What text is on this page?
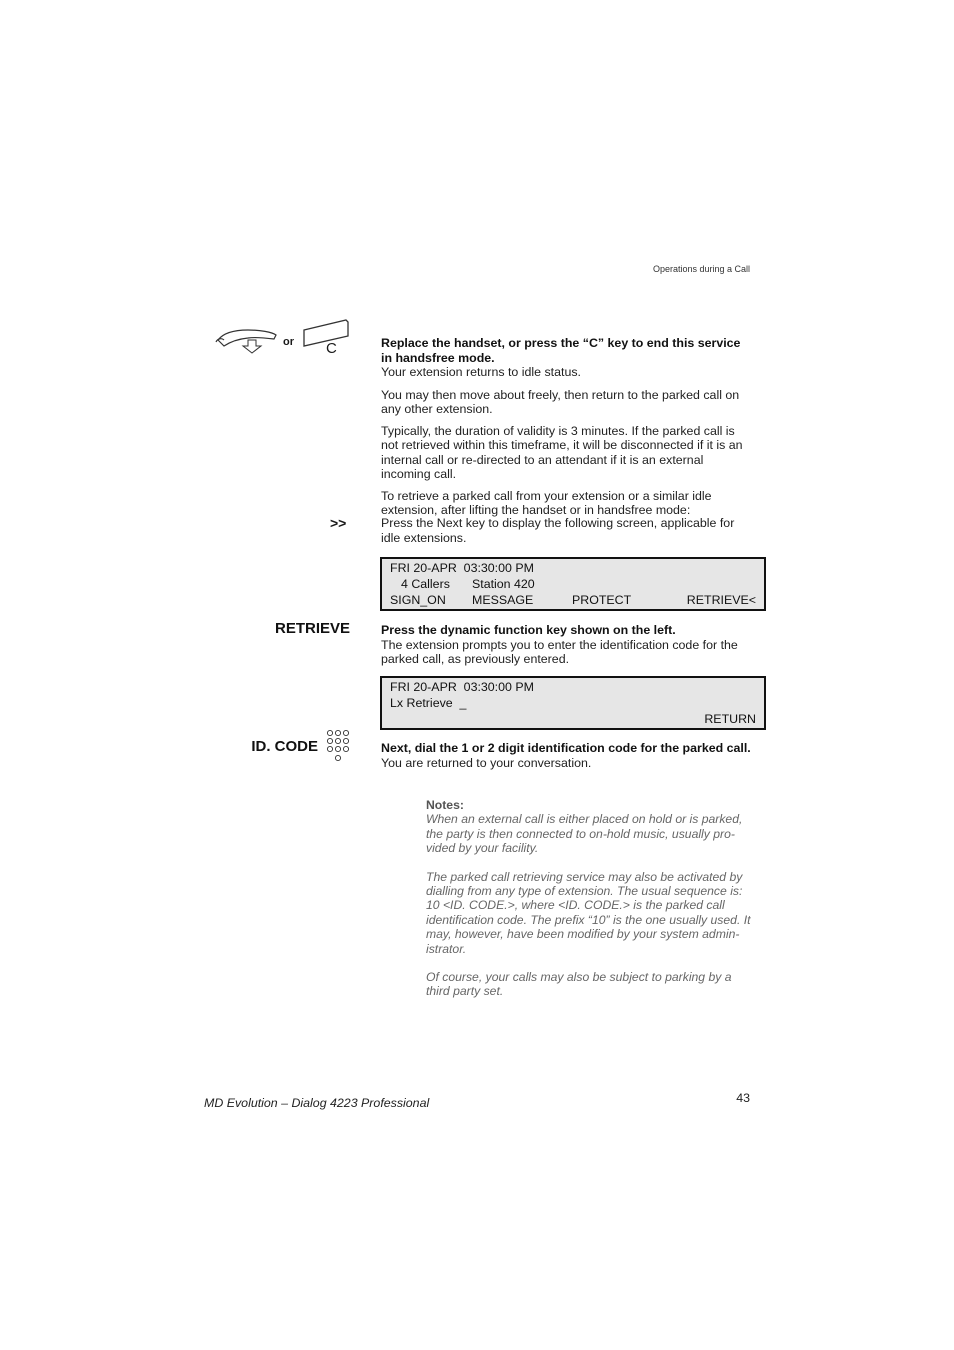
Operations during a Call
or C	Replace the handset, or press the “C” key to end this service in handsfree mode.
Your extension returns to idle status.
You may then move about freely, then return to the parked call on any other extension.
Typically, the duration of validity is 3 minutes. If the parked call is not retrieved within this timeframe, it will be disconnected if it is an internal call or re-directed to an attendant if it is an external incoming call.
To retrieve a parked call from your extension or a similar idle extension, after lifting the handset or in handsfree mode:
>>	Press the Next key to display the following screen, applicable for idle extensions.
FRI 20-APR  03:30:00 PM
4 Callers Station 420
SIGN_ON MESSAGE	PROTECT	RETRIEVE<
RETRIEVE	Press the dynamic function key shown on the left.
The extension prompts you to enter the identification code for the parked call, as previously entered.
FRI 20-APR  03:30:00 PM
Lx Retrieve  _
RETURN
ID. CODE	Next, dial the 1 or 2 digit identification code for the parked call.
You are returned to your conversation.
Notes:

When an external call is either placed on hold or is parked, the party is then connected to on-hold music, usually pro-vided by your facility.

The parked call retrieving service may also be activated by dialling from any type of extension. The usual sequence is: 10 <ID. CODE.>, where <ID. CODE.> is the parked call identification code. The prefix “10” is the one usually used. It may, however, have been modified by your system admin-istrator.

Of course, your calls may also be subject to parking by a third party set.

MD Evolution – Dialog 4223 Professional	43
